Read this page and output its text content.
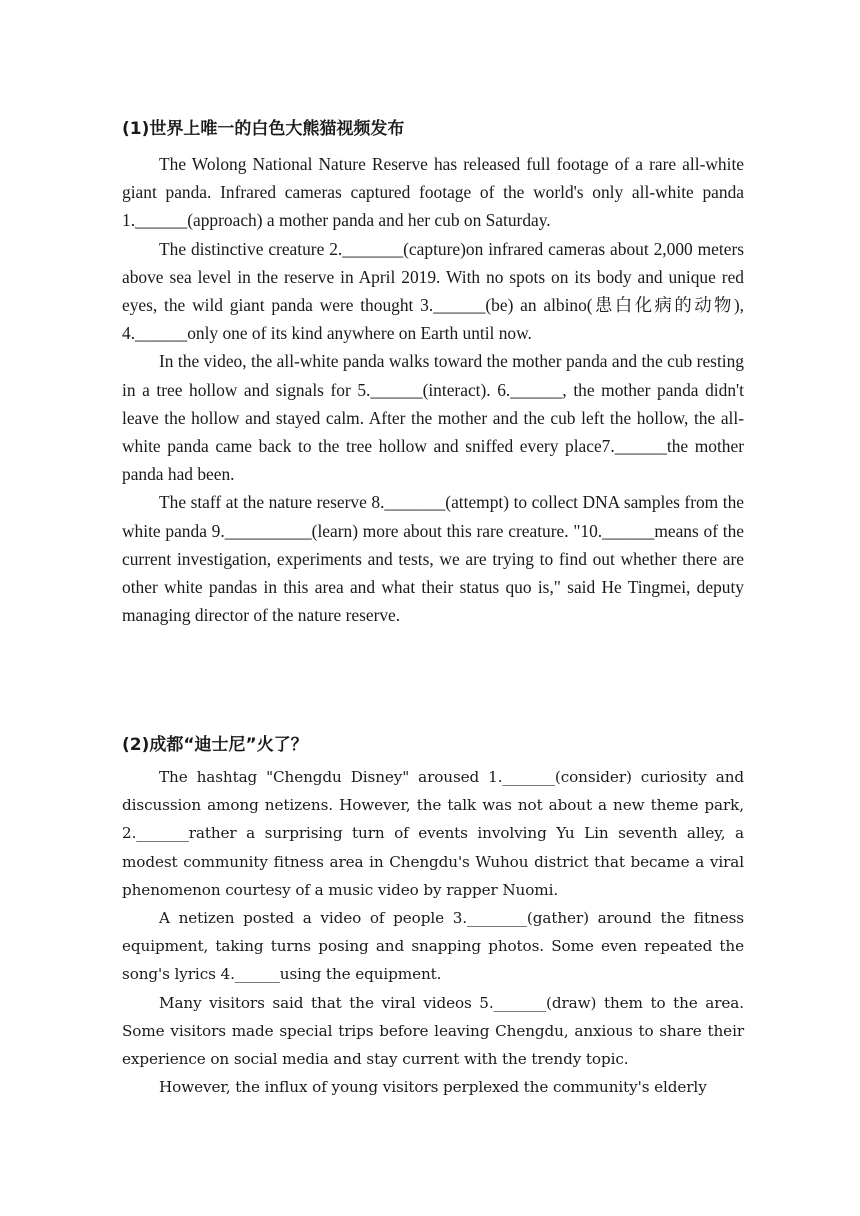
(1)世界上唯一的白色大熊猫视频发布

The Wolong National Nature Reserve has released full footage of a rare all-white giant panda. Infrared cameras captured footage of the world's only all-white panda 1.______(approach) a mother panda and her cub on Saturday.

The distinctive creature 2._______(capture)on infrared cameras about 2,000 meters above sea level in the reserve in April 2019. With no spots on its body and unique red eyes, the wild giant panda were thought 3.______(be) an albino(患白化病的动物), 4.______only one of its kind anywhere on Earth until now.

In the video, the all-white panda walks toward the mother panda and the cub resting in a tree hollow and signals for 5.______(interact). 6.______, the mother panda didn't leave the hollow and stayed calm. After the mother and the cub left the hollow, the all-white panda came back to the tree hollow and sniffed every place7.______the mother panda had been.

The staff at the nature reserve 8._______(attempt) to collect DNA samples from the white panda 9.__________(learn) more about this rare creature. "10.______means of the current investigation, experiments and tests, we are trying to find out whether there are other white pandas in this area and what their status quo is," said He Tingmei, deputy managing director of the nature reserve.

(2)成都“迪士尼”火了？

The hashtag "Chengdu Disney" aroused 1._______(consider) curiosity and discussion among netizens. However, the talk was not about a new theme park, 2._______rather a surprising turn of events involving Yu Lin seventh alley, a modest community fitness area in Chengdu's Wuhou district that became a viral phenomenon courtesy of a music video by rapper Nuomi.

A netizen posted a video of people 3.________(gather) around the fitness equipment, taking turns posing and snapping photos. Some even repeated the song's lyrics 4.______using the equipment.

Many visitors said that the viral videos 5._______(draw) them to the area. Some visitors made special trips before leaving Chengdu, anxious to share their experience on social media and stay current with the trendy topic.

However, the influx of young visitors perplexed the community's elderly
